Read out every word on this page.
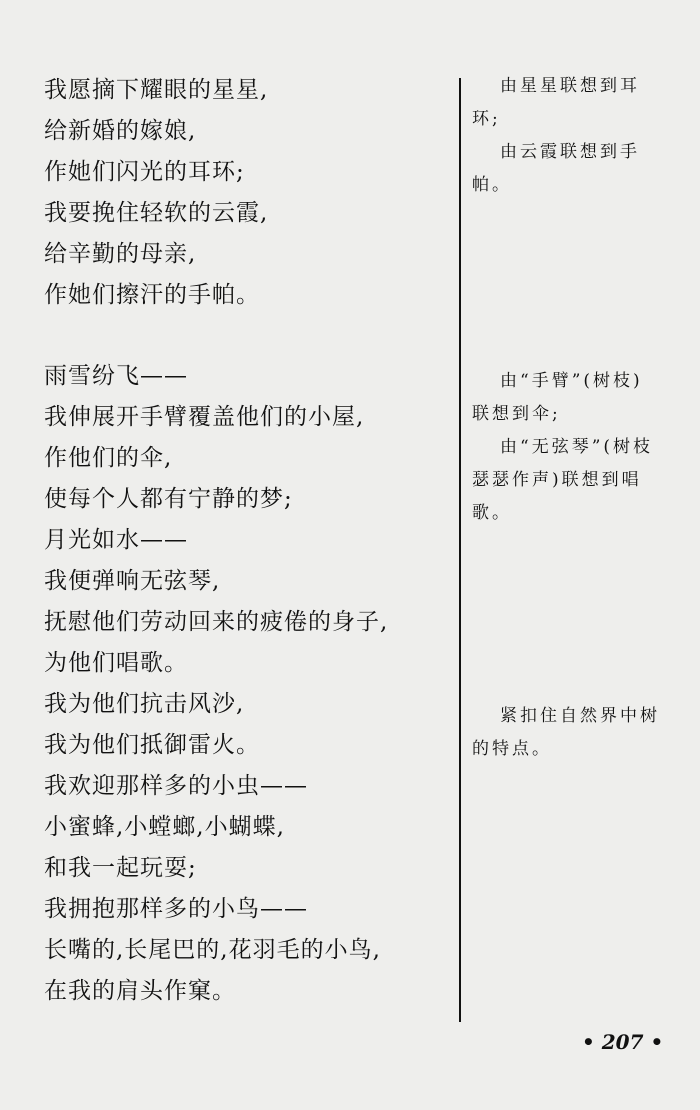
我愿摘下耀眼的星星,
给新婚的嫁娘,
作她们闪光的耳环;
我要挽住轻软的云霞,
给辛勤的母亲,
作她们擦汗的手帕。
雨雪纷飞——
我伸展开手臂覆盖他们的小屋,
作他们的伞,
使每个人都有宁静的梦;
月光如水——
我便弹响无弦琴,
抚慰他们劳动回来的疲倦的身子,
为他们唱歌。
我为他们抗击风沙,
我为他们抵御雷火。
我欢迎那样多的小虫——
小蜜蜂,小螳螂,小蝴蝶,
和我一起玩耍;
我拥抱那样多的小鸟——
长嘴的,长尾巴的,花羽毛的小鸟,
在我的肩头作窠。

由星星联想到耳环;

由云霞联想到手帕。

由“手臂”(树枝)联想到伞;

由“无弦琴”(树枝瑟瑟作声)联想到唱歌。

紧扣住自然界中树的特点。

• 207 •
